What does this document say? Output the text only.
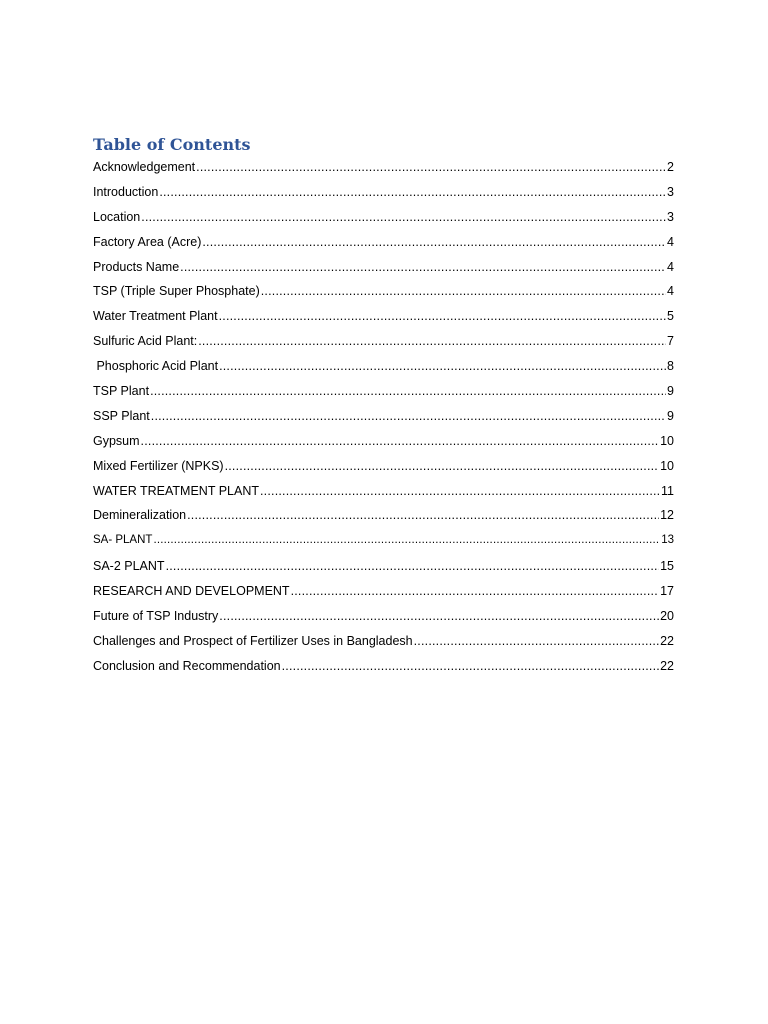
Table of Contents
Acknowledgement .....	2
Introduction .....	3
Location .....	3
Factory Area (Acre) .....	4
Products Name .....	4
TSP (Triple Super Phosphate) .....	4
Water Treatment Plant .....	5
Sulfuric Acid Plant: .....	7
Phosphoric Acid Plant .....	8
TSP Plant .....	9
SSP Plant .....	9
Gypsum .....	10
Mixed Fertilizer (NPKS) .....	10
WATER TREATMENT PLANT .....	11
Demineralization .....	12
SA- PLANT .....	13
SA-2 PLANT .....	15
RESEARCH AND DEVELOPMENT .....	17
Future of TSP Industry .....	20
Challenges and Prospect of Fertilizer Uses in Bangladesh .....	22
Conclusion and Recommendation .....	22
